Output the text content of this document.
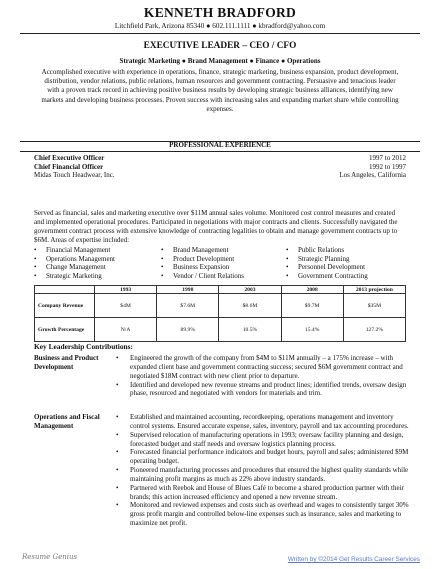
KENNETH BRADFORD
Litchfield Park, Arizona 85340 ● 602.111.1111 ● kbradford@yahoo.com
EXECUTIVE LEADER – CEO / CFO
Strategic Marketing ● Brand Management ● Finance ● Operations
Accomplished executive with experience in operations, finance, strategic marketing, business expansion, product development, distribution, vendor relations, public relations, human resources and government contracting. Persuasive and tenacious leader with a proven track record in achieving positive business results by developing strategic business alliances, identifying new markets and developing business processes. Proven success with increasing sales and expanding market share while controlling expenses.
PROFESSIONAL EXPERIENCE
Chief Executive Officer	1997 to 2012
Chief Financial Officer	1992 to 1997
Midas Touch Headwear, Inc.	Los Angeles, California
Served as financial, sales and marketing executive over $11M annual sales volume. Monitored cost control measures and created and implemented operational procedures. Participated in negotiations with major contracts and clients. Successfully navigated the government contract process with extensive knowledge of contracting legalities to obtain and manage government contracts up to $6M. Areas of expertise included:
• Financial Management
• Operations Management
• Change Management
• Strategic Marketing
• Brand Management
• Product Development
• Business Expansion
• Vendor / Client Relations
• Public Relations
• Strategic Planning
• Personnel Development
• Government Contracting
	1993	1998	2003	2008	2013 projection
Company Revenue	$4M	$7.6M	$8.6M	$9.7M	$35M
Growth Percentage	N/A	89.9%	10.5%	15.4%	127.2%
Key Leadership Contributions:
Business and Product Development
• Engineered the growth of the company from $4M to $11M annually – a 175% increase – with expanded client base and government contracting success; secured $6M government contract and negotiated $18M contract with new client prior to departure.
• Identified and developed new revenue streams and product lines; identified trends, oversaw design phase, resourced and negotiated with vendors for materials and trim.
Operations and Fiscal Management
• Established and maintained accounting, recordkeeping, operations management and inventory control systems. Ensured accurate expense, sales, inventory, payroll and tax accounting procedures.
• Supervised relocation of manufacturing operations in 1993; oversaw facility planning and design, forecasted budget and staff needs and oversaw logistics planning process.
• Forecasted financial performance indicators and budget hours, payroll and sales; administered $9M operating budget.
• Pioneered manufacturing processes and procedures that ensured the highest quality standards while maintaining profit margins as much as 22% above industry standards.
• Partnered with Reebok and House of Blues Café to become a shared production partner with their brands; this action increased efficiency and opened a new revenue stream.
• Monitored and reviewed expenses and costs such as overhead and wages to consistently target 30% gross profit margin and controlled below-line expenses such as insurance, sales and marketing to maximize net profit.
Resume Genius	Written by ©2014 Get Results Career Services
